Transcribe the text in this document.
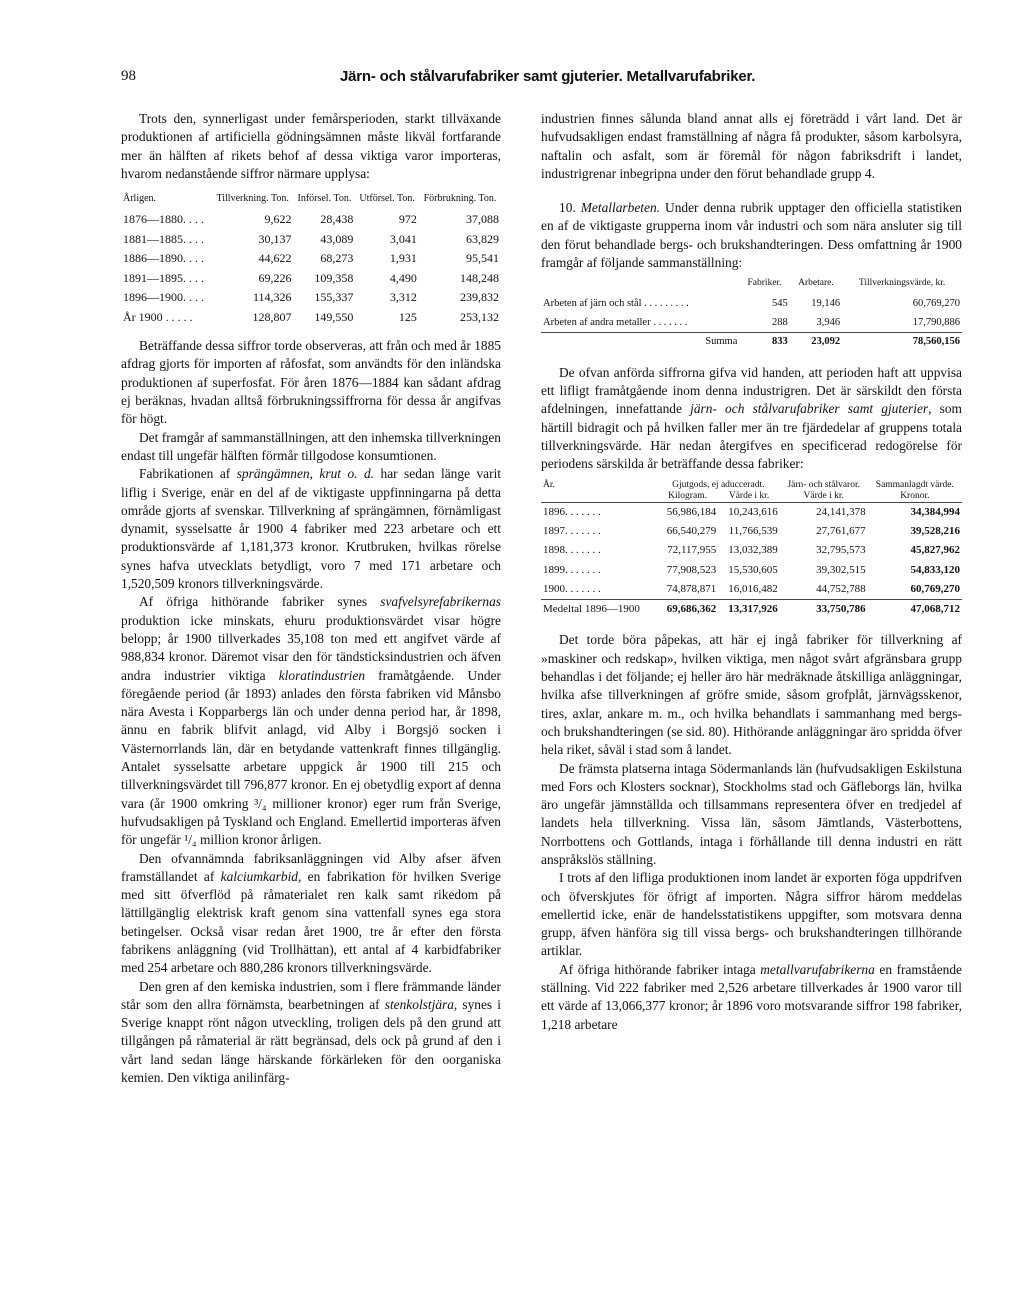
98	Järn- och stålvarufabriker samt gjuterier. Metallvarufabriker.

Trots den, synnerligast under femårsperioden, starkt tillväxande produktionen af artificiella gödningsämnen måste likväl fortfarande mer än hälften af rikets behof af dessa viktiga varor importeras, hvarom nedanstående siffror närmare upplysa:

Årligen.	Tillverkning. Ton.	Införsel. Ton.	Utförsel. Ton.	Förbrukning. Ton.
1876—1880. . . .	9,622	28,438	972	37,088
1881—1885. . . .	30,137	43,089	3,041	63,829
1886—1890. . . .	44,622	68,273	1,931	95,541
1891—1895. . . .	69,226	109,358	4,490	148,248
1896—1900. . . .	114,326	155,337	3,312	239,832
År 1900 . . . . .	128,807	149,550	125	253,132

Beträffande dessa siffror torde observeras, att från och med år 1885 afdrag gjorts för importen af råfosfat, som användts för den inländska produktionen af superfosfat. För åren 1876—1884 kan sådant afdrag ej beräknas, hvadan alltså förbrukningssiffrorna för dessa år angifvas för högt.

Det framgår af sammanställningen, att den inhemska tillverkningen endast till ungefär hälften förmår tillgodose konsumtionen.

Fabrikationen af sprängämnen, krut o. d. har sedan länge varit liflig i Sverige, enär en del af de viktigaste uppfinningarna på detta område gjorts af svenskar. Tillverkning af sprängämnen, förnämligast dynamit, sysselsatte år 1900 4 fabriker med 223 arbetare och ett produktionsvärde af 1,181,373 kronor. Krutbruken, hvilkas rörelse synes hafva utvecklats betydligt, voro 7 med 171 arbetare och 1,520,509 kronors tillverkningsvärde.

Af öfriga hithörande fabriker synes svafvelsyrefabrikernas produktion icke minskats, ehuru produktionsvärdet visar högre belopp; år 1900 tillverkades 35,108 ton med ett angifvet värde af 988,834 kronor. Däremot visar den för tändsticksindustrien och äfven andra industrier viktiga kloratindustrien framåtgående. Under föregående period (år 1893) anlades den första fabriken vid Månsbo nära Avesta i Kopparbergs län och under denna period har, år 1898, ännu en fabrik blifvit anlagd, vid Alby i Borgsjö socken i Västernorrlands län, där en betydande vattenkraft finnes tillgänglig. Antalet sysselsatte arbetare uppgick år 1900 till 215 och tillverkningsvärdet till 796,877 kronor. En ej obetydlig export af denna vara (år 1900 omkring ³/₄ millioner kronor) eger rum från Sverige, hufvudsakligen på Tyskland och England. Emellertid importeras äfven för ungefär ¹/₄ million kronor årligen.

Den ofvannämnda fabriksanläggningen vid Alby afser äfven framställandet af kalciumkarbid, en fabrikation för hvilken Sverige med sitt öfverflöd på råmaterialet ren kalk samt rikedom på lättillgänglig elektrisk kraft genom sina vattenfall synes ega stora betingelser. Också visar redan året 1900, tre år efter den första fabrikens anläggning (vid Trollhättan), ett antal af 4 karbidfabriker med 254 arbetare och 880,286 kronors tillverkningsvärde.

Den gren af den kemiska industrien, som i flere främmande länder står som den allra förnämsta, bearbetningen af stenkolstjära, synes i Sverige knappt rönt någon utveckling, troligen dels på den grund att tillgången på råmaterial är rätt begränsad, dels ock på grund af den i vårt land sedan länge härskande förkärleken för den oorganiska kemien. Den viktiga anilinfärg-

industrien finnes sålunda bland annat alls ej företrädd i vårt land. Det är hufvudsakligen endast framställning af några få produkter, såsom karbolsyra, naftalin och asfalt, som är föremål för någon fabriksdrift i landet, industrigrenar inbegripna under den förut behandlade grupp 4.

10. Metallarbeten. Under denna rubrik upptager den officiella statistiken en af de viktigaste grupperna inom vår industri och som nära ansluter sig till den förut behandlade bergs- och brukshandteringen. Dess omfattning år 1900 framgår af följande sammanställning:

	Fabriker.	Arbetare.	Tillverkningsvärde, kr.
Arbeten af järn och stål . . . . . . . . .	545	19,146	60,769,270
Arbeten af andra metaller . . . . . . .	288	3,946	17,790,886
Summa	833	23,092	78,560,156

De ofvan anförda siffrorna gifva vid handen, att perioden haft att uppvisa ett lifligt framåtgående inom denna industrigren. Det är särskildt den första afdelningen, innefattande järn- och stålvarufabriker samt gjuterier, som härtill bidragit och på hvilken faller mer än tre fjärdedelar af gruppens totala tillverkningsvärde. Här nedan återgifves en specificerad redogörelse för periodens särskilda år beträffande dessa fabriker:

År.	Gjutgods, ej aducceradt.		Järn- och stålvaror.	Sammanlagdt värde.
	Kilogram.	Värde i kr.	Värde i kr.	Kronor.
1896. . . . . . .	56,986,184	10,243,616	24,141,378	34,384,994
1897. . . . . . .	66,540,279	11,766,539	27,761,677	39,528,216
1898. . . . . . .	72,117,955	13,032,389	32,795,573	45,827,962
1899. . . . . . .	77,908,523	15,530,605	39,302,515	54,833,120
1900. . . . . . .	74,878,871	16,016,482	44,752,788	60,769,270
Medeltal 1896—1900	69,686,362	13,317,926	33,750,786	47,068,712

Det torde böra påpekas, att här ej ingå fabriker för tillverkning af »maskiner och redskap», hvilken viktiga, men något svårt afgränsbara grupp behandlas i det följande; ej heller äro här medräknade åtskilliga anläggningar, hvilka afse tillverkningen af gröfre smide, såsom grofplåt, järnvägsskenor, tires, axlar, ankare m. m., och hvilka behandlats i sammanhang med bergs- och brukshandteringen (se sid. 80). Hithörande anläggningar äro spridda öfver hela riket, såväl i stad som å landet.

De främsta platserna intaga Södermanlands län (hufvudsakligen Eskilstuna med Fors och Klosters socknar), Stockholms stad och Gäfleborgs län, hvilka äro ungefär jämnställda och tillsammans representera öfver en tredjedel af landets hela tillverkning. Vissa län, såsom Jämtlands, Västerbottens, Norrbottens och Gottlands, intaga i förhållande till denna industri en rätt anspråkslös ställning.

I trots af den lifliga produktionen inom landet är exporten föga uppdrifven och öfverskjutes för öfrigt af importen. Några siffror härom meddelas emellertid icke, enär de handelsstatistikens uppgifter, som motsvara denna grupp, äfven hänföra sig till vissa bergs- och brukshandteringen tillhörande artiklar.

Af öfriga hithörande fabriker intaga metallvarufabrikerna en framstående ställning. Vid 222 fabriker med 2,526 arbetare tillverkades år 1900 varor till ett värde af 13,066,377 kronor; år 1896 voro motsvarande siffror 198 fabriker, 1,218 arbetare
